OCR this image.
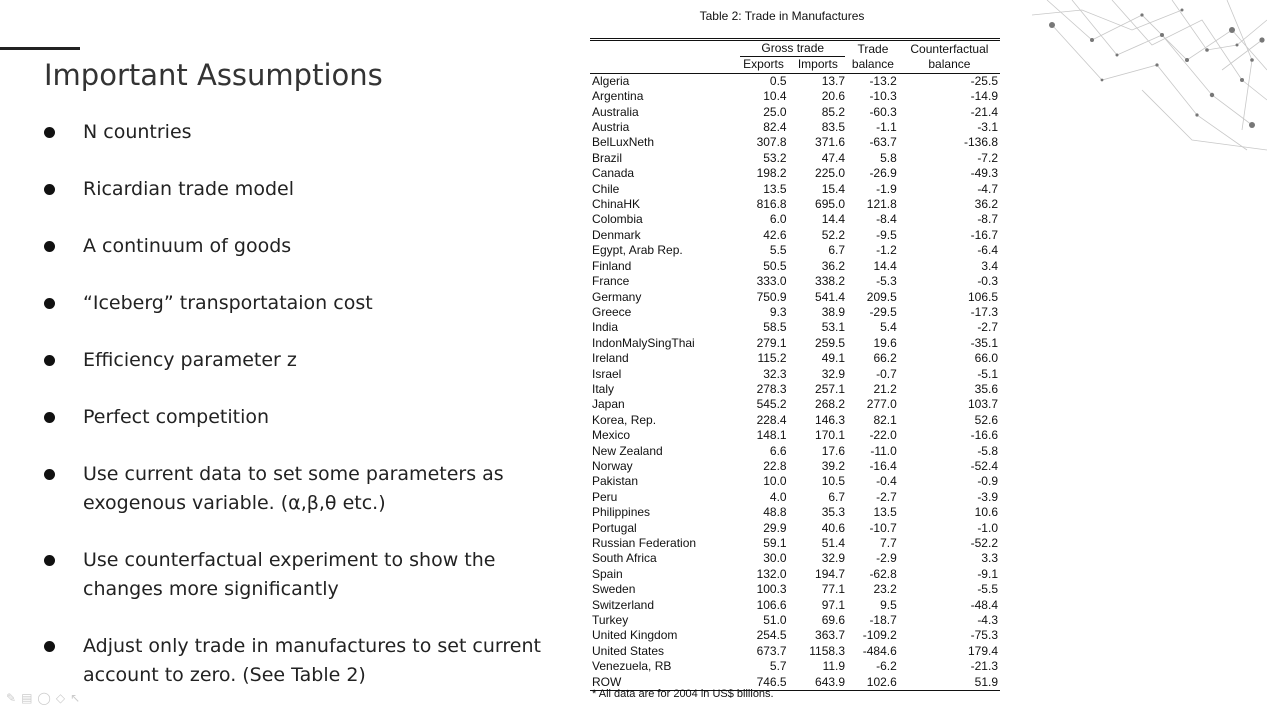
Important Assumptions
N countries
Ricardian trade model
A continuum of goods
“Iceberg” transportataion cost
Efficiency parameter z
Perfect competition
Use current data to set some parameters as
exogenous variable. (α,β,θ etc.)
Use counterfactual experiment to show the
changes more significantly
Adjust only trade in manufactures to set current
account to zero. (See Table 2)
Table 2: Trade in Manufactures
	Gross trade		Trade	Counterfactual
	Exports	Imports	balance	balance
Algeria	0.5	13.7	-13.2	-25.5
Argentina	10.4	20.6	-10.3	-14.9
Australia	25.0	85.2	-60.3	-21.4
Austria	82.4	83.5	-1.1	-3.1
BelLuxNeth	307.8	371.6	-63.7	-136.8
Brazil	53.2	47.4	5.8	-7.2
Canada	198.2	225.0	-26.9	-49.3
Chile	13.5	15.4	-1.9	-4.7
ChinaHK	816.8	695.0	121.8	36.2
Colombia	6.0	14.4	-8.4	-8.7
Denmark	42.6	52.2	-9.5	-16.7
Egypt, Arab Rep.	5.5	6.7	-1.2	-6.4
Finland	50.5	36.2	14.4	3.4
France	333.0	338.2	-5.3	-0.3
Germany	750.9	541.4	209.5	106.5
Greece	9.3	38.9	-29.5	-17.3
India	58.5	53.1	5.4	-2.7
IndonMalySingThai	279.1	259.5	19.6	-35.1
Ireland	115.2	49.1	66.2	66.0
Israel	32.3	32.9	-0.7	-5.1
Italy	278.3	257.1	21.2	35.6
Japan	545.2	268.2	277.0	103.7
Korea, Rep.	228.4	146.3	82.1	52.6
Mexico	148.1	170.1	-22.0	-16.6
New Zealand	6.6	17.6	-11.0	-5.8
Norway	22.8	39.2	-16.4	-52.4
Pakistan	10.0	10.5	-0.4	-0.9
Peru	4.0	6.7	-2.7	-3.9
Philippines	48.8	35.3	13.5	10.6
Portugal	29.9	40.6	-10.7	-1.0
Russian Federation	59.1	51.4	7.7	-52.2
South Africa	30.0	32.9	-2.9	3.3
Spain	132.0	194.7	-62.8	-9.1
Sweden	100.3	77.1	23.2	-5.5
Switzerland	106.6	97.1	9.5	-48.4
Turkey	51.0	69.6	-18.7	-4.3
United Kingdom	254.5	363.7	-109.2	-75.3
United States	673.7	1158.3	-484.6	179.4
Venezuela, RB	5.7	11.9	-6.2	-21.3
ROW	746.5	643.9	102.6	51.9
* All data are for 2004 in US$ billions.
✎ ▤ ◯ ◇ ↖
